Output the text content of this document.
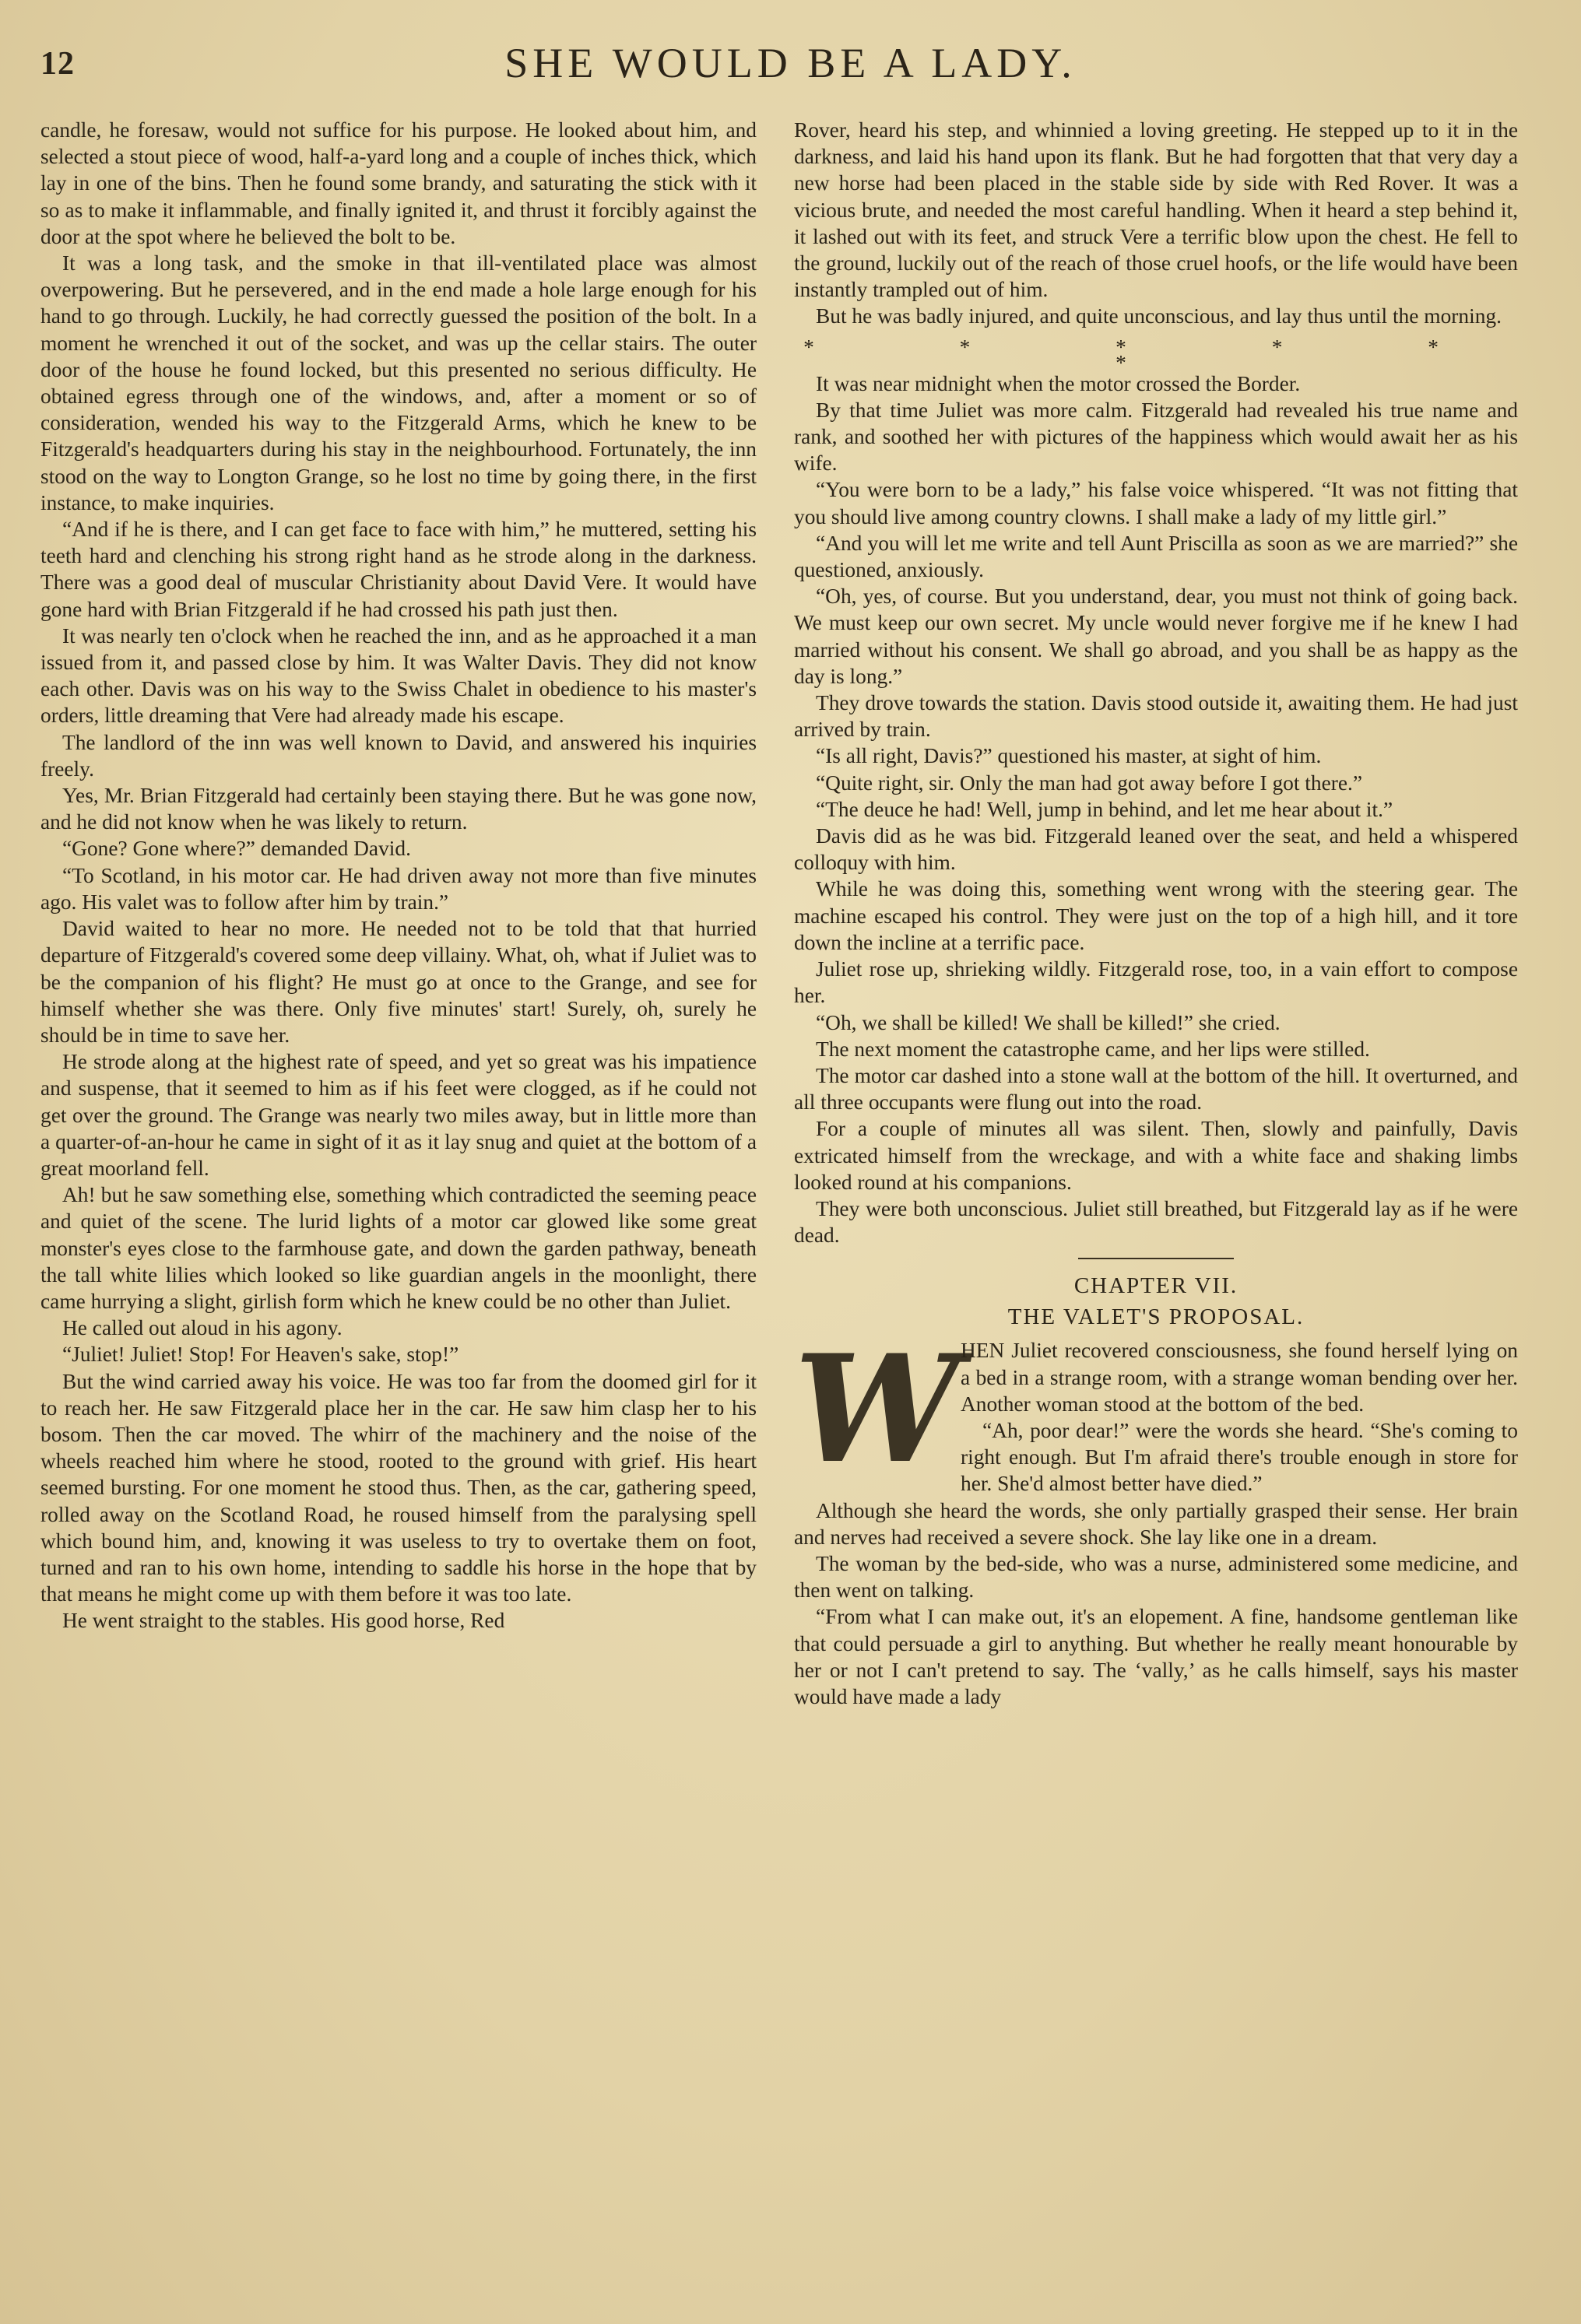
12	SHE WOULD BE A LADY.

candle, he foresaw, would not suffice for his purpose. He looked about him, and selected a stout piece of wood, half-a-yard long and a couple of inches thick, which lay in one of the bins. Then he found some brandy, and saturating the stick with it so as to make it inflammable, and finally ignited it, and thrust it forcibly against the door at the spot where he believed the bolt to be.

It was a long task, and the smoke in that ill-ventilated place was almost overpowering. But he persevered, and in the end made a hole large enough for his hand to go through. Luckily, he had correctly guessed the position of the bolt. In a moment he wrenched it out of the socket, and was up the cellar stairs. The outer door of the house he found locked, but this presented no serious difficulty. He obtained egress through one of the windows, and, after a moment or so of consideration, wended his way to the Fitzgerald Arms, which he knew to be Fitzgerald's headquarters during his stay in the neighbourhood. Fortunately, the inn stood on the way to Longton Grange, so he lost no time by going there, in the first instance, to make inquiries.

“And if he is there, and I can get face to face with him,” he muttered, setting his teeth hard and clenching his strong right hand as he strode along in the darkness. There was a good deal of muscular Christianity about David Vere. It would have gone hard with Brian Fitzgerald if he had crossed his path just then.

It was nearly ten o'clock when he reached the inn, and as he approached it a man issued from it, and passed close by him. It was Walter Davis. They did not know each other. Davis was on his way to the Swiss Chalet in obedience to his master's orders, little dreaming that Vere had already made his escape.

The landlord of the inn was well known to David, and answered his inquiries freely.

Yes, Mr. Brian Fitzgerald had certainly been staying there. But he was gone now, and he did not know when he was likely to return.

“Gone? Gone where?” demanded David.

“To Scotland, in his motor car. He had driven away not more than five minutes ago. His valet was to follow after him by train.”

David waited to hear no more. He needed not to be told that that hurried departure of Fitzgerald's covered some deep villainy. What, oh, what if Juliet was to be the companion of his flight? He must go at once to the Grange, and see for himself whether she was there. Only five minutes' start! Surely, oh, surely he should be in time to save her.

He strode along at the highest rate of speed, and yet so great was his impatience and suspense, that it seemed to him as if his feet were clogged, as if he could not get over the ground. The Grange was nearly two miles away, but in little more than a quarter-of-an-hour he came in sight of it as it lay snug and quiet at the bottom of a great moorland fell.

Ah! but he saw something else, something which contradicted the seeming peace and quiet of the scene. The lurid lights of a motor car glowed like some great monster's eyes close to the farmhouse gate, and down the garden pathway, beneath the tall white lilies which looked so like guardian angels in the moonlight, there came hurrying a slight, girlish form which he knew could be no other than Juliet.

He called out aloud in his agony.

“Juliet! Juliet! Stop! For Heaven's sake, stop!”

But the wind carried away his voice. He was too far from the doomed girl for it to reach her. He saw Fitzgerald place her in the car. He saw him clasp her to his bosom. Then the car moved. The whirr of the machinery and the noise of the wheels reached him where he stood, rooted to the ground with grief. His heart seemed bursting. For one moment he stood thus. Then, as the car, gathering speed, rolled away on the Scotland Road, he roused himself from the paralysing spell which bound him, and, knowing it was useless to try to overtake them on foot, turned and ran to his own home, intending to saddle his horse in the hope that by that means he might come up with them before it was too late.

He went straight to the stables. His good horse, Red

Rover, heard his step, and whinnied a loving greeting. He stepped up to it in the darkness, and laid his hand upon its flank. But he had forgotten that that very day a new horse had been placed in the stable side by side with Red Rover. It was a vicious brute, and needed the most careful handling. When it heard a step behind it, it lashed out with its feet, and struck Vere a terrific blow upon the chest. He fell to the ground, luckily out of the reach of those cruel hoofs, or the life would have been instantly trampled out of him.

But he was badly injured, and quite unconscious, and lay thus until the morning.

* * * * * *

It was near midnight when the motor crossed the Border.

By that time Juliet was more calm. Fitzgerald had revealed his true name and rank, and soothed her with pictures of the happiness which would await her as his wife.

“You were born to be a lady,” his false voice whispered. “It was not fitting that you should live among country clowns. I shall make a lady of my little girl.”

“And you will let me write and tell Aunt Priscilla as soon as we are married?” she questioned, anxiously.

“Oh, yes, of course. But you understand, dear, you must not think of going back. We must keep our own secret. My uncle would never forgive me if he knew I had married without his consent. We shall go abroad, and you shall be as happy as the day is long.”

They drove towards the station. Davis stood outside it, awaiting them. He had just arrived by train.

“Is all right, Davis?” questioned his master, at sight of him.

“Quite right, sir. Only the man had got away before I got there.”

“The deuce he had! Well, jump in behind, and let me hear about it.”

Davis did as he was bid. Fitzgerald leaned over the seat, and held a whispered colloquy with him.

While he was doing this, something went wrong with the steering gear. The machine escaped his control. They were just on the top of a high hill, and it tore down the incline at a terrific pace.

Juliet rose up, shrieking wildly. Fitzgerald rose, too, in a vain effort to compose her.

“Oh, we shall be killed! We shall be killed!” she cried.

The next moment the catastrophe came, and her lips were stilled.

The motor car dashed into a stone wall at the bottom of the hill. It overturned, and all three occupants were flung out into the road.

For a couple of minutes all was silent. Then, slowly and painfully, Davis extricated himself from the wreckage, and with a white face and shaking limbs looked round at his companions.

They were both unconscious. Juliet still breathed, but Fitzgerald lay as if he were dead.

CHAPTER VII.
THE VALET'S PROPOSAL.
W HEN Juliet recovered consciousness, she found herself lying on a bed in a strange room, with a strange woman bending over her. Another woman stood at the bottom of the bed.

“Ah, poor dear!” were the words she heard. “She's coming to right enough. But I'm afraid there's trouble enough in store for her. She'd almost better have died.”

Although she heard the words, she only partially grasped their sense. Her brain and nerves had received a severe shock. She lay like one in a dream.

The woman by the bed-side, who was a nurse, administered some medicine, and then went on talking.

“From what I can make out, it's an elopement. A fine, handsome gentleman like that could persuade a girl to anything. But whether he really meant honourable by her or not I can't pretend to say. The ‘vally,’ as he calls himself, says his master would have made a lady
